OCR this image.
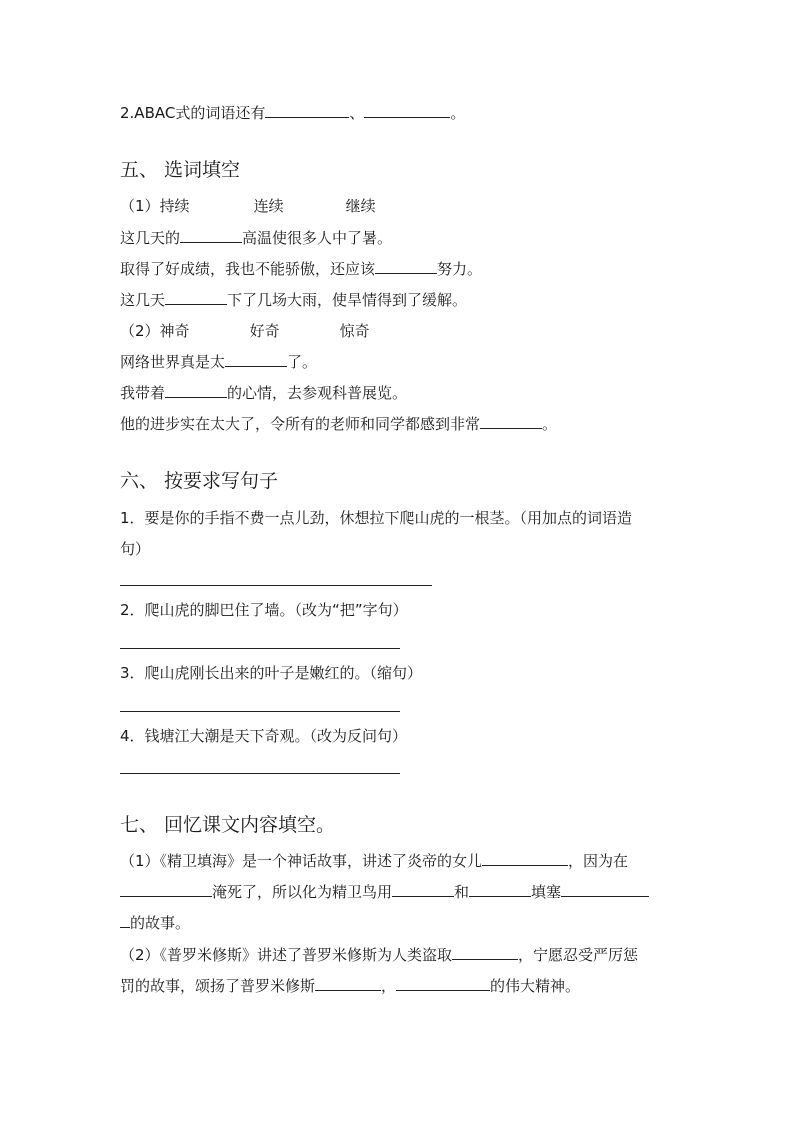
2.ABAC式的词语还有	、	。
五、 选词填空
（1）持续	连续	继续
这几天的	高温使很多人中了暑。
取得了好成绩，我也不能骄傲，还应该	努力。
这几天	下了几场大雨，使旱情得到了缓解。
（2）神奇	好奇	惊奇
网络世界真是太	了。
我带着	的心情，去参观科普展览。
他的进步实在太大了，令所有的老师和同学都感到非常	。
六、 按要求写句子
1．要是你的手指不费一点儿劲，休想拉下爬山虎的一根茎。（用加点的词语造
句）
2．爬山虎的脚巴住了墙。（改为“把”字句）
3．爬山虎刚长出来的叶子是嫩红的。（缩句）
4．钱塘江大潮是天下奇观。（改为反问句）
七、 回忆课文内容填空。
（1）《精卫填海》是一个神话故事，讲述了炎帝的女儿	，因为在
淹死了，所以化为精卫鸟用	和	填塞
的故事。
（2）《普罗米修斯》讲述了普罗米修斯为人类盗取	，宁愿忍受严厉惩
罚的故事，颂扬了普罗米修斯	，	的伟大精神。
